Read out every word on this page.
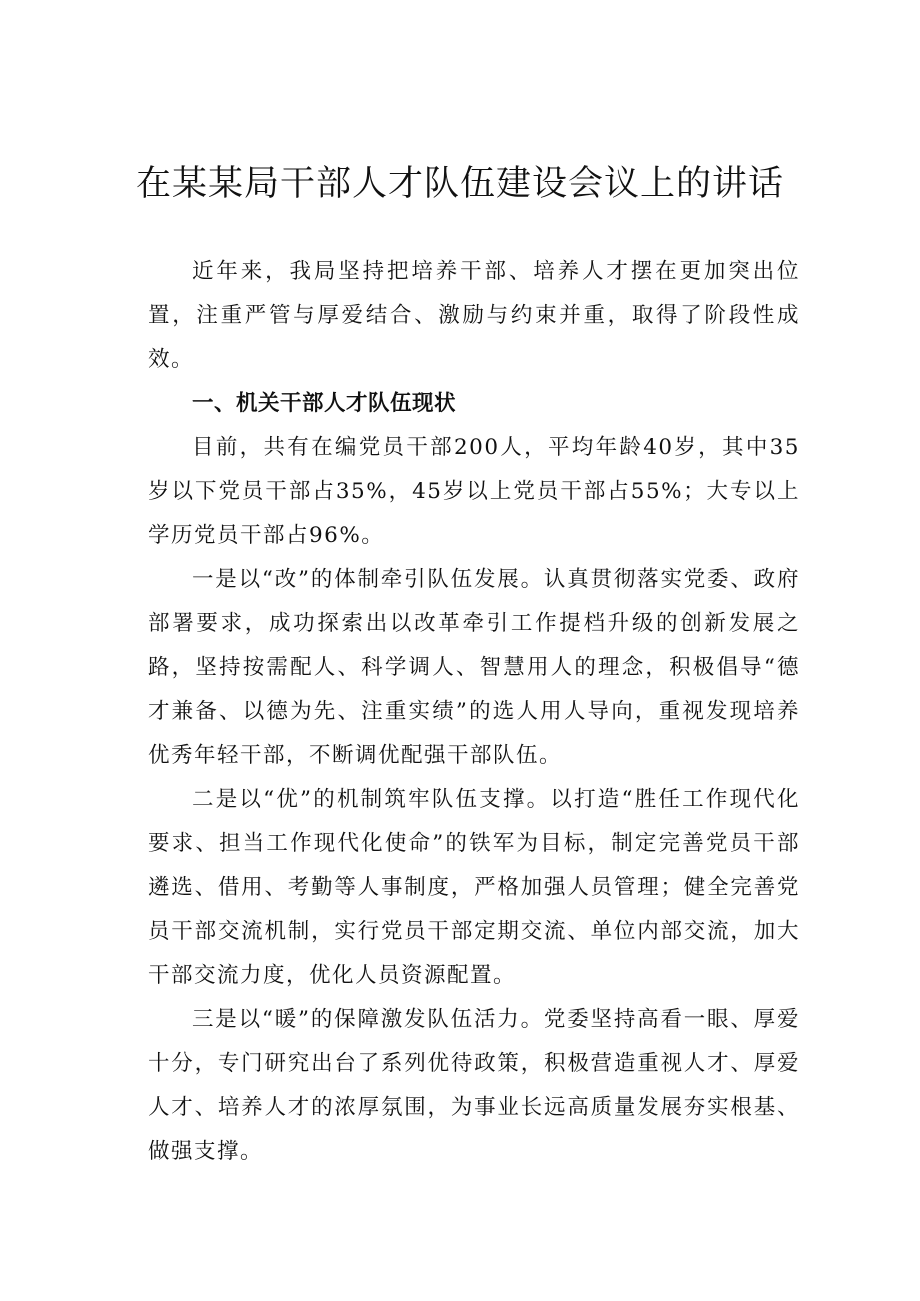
在某某局干部人才队伍建设会议上的讲话

近年来，我局坚持把培养干部、培养人才摆在更加突出位置，注重严管与厚爱结合、激励与约束并重，取得了阶段性成效。

一、机关干部人才队伍现状

目前，共有在编党员干部200人，平均年龄40岁，其中35岁以下党员干部占35%，45岁以上党员干部占55%；大专以上学历党员干部占96%。

一是以“改”的体制牵引队伍发展。认真贯彻落实党委、政府部署要求，成功探索出以改革牵引工作提档升级的创新发展之路，坚持按需配人、科学调人、智慧用人的理念，积极倡导“德才兼备、以德为先、注重实绩”的选人用人导向，重视发现培养优秀年轻干部，不断调优配强干部队伍。

二是以“优”的机制筑牢队伍支撑。以打造“胜任工作现代化要求、担当工作现代化使命”的铁军为目标，制定完善党员干部遴选、借用、考勤等人事制度，严格加强人员管理；健全完善党员干部交流机制，实行党员干部定期交流、单位内部交流，加大干部交流力度，优化人员资源配置。

三是以“暖”的保障激发队伍活力。党委坚持高看一眼、厚爱十分，专门研究出台了系列优待政策，积极营造重视人才、厚爱人才、培养人才的浓厚氛围，为事业长远高质量发展夯实根基、做强支撑。
